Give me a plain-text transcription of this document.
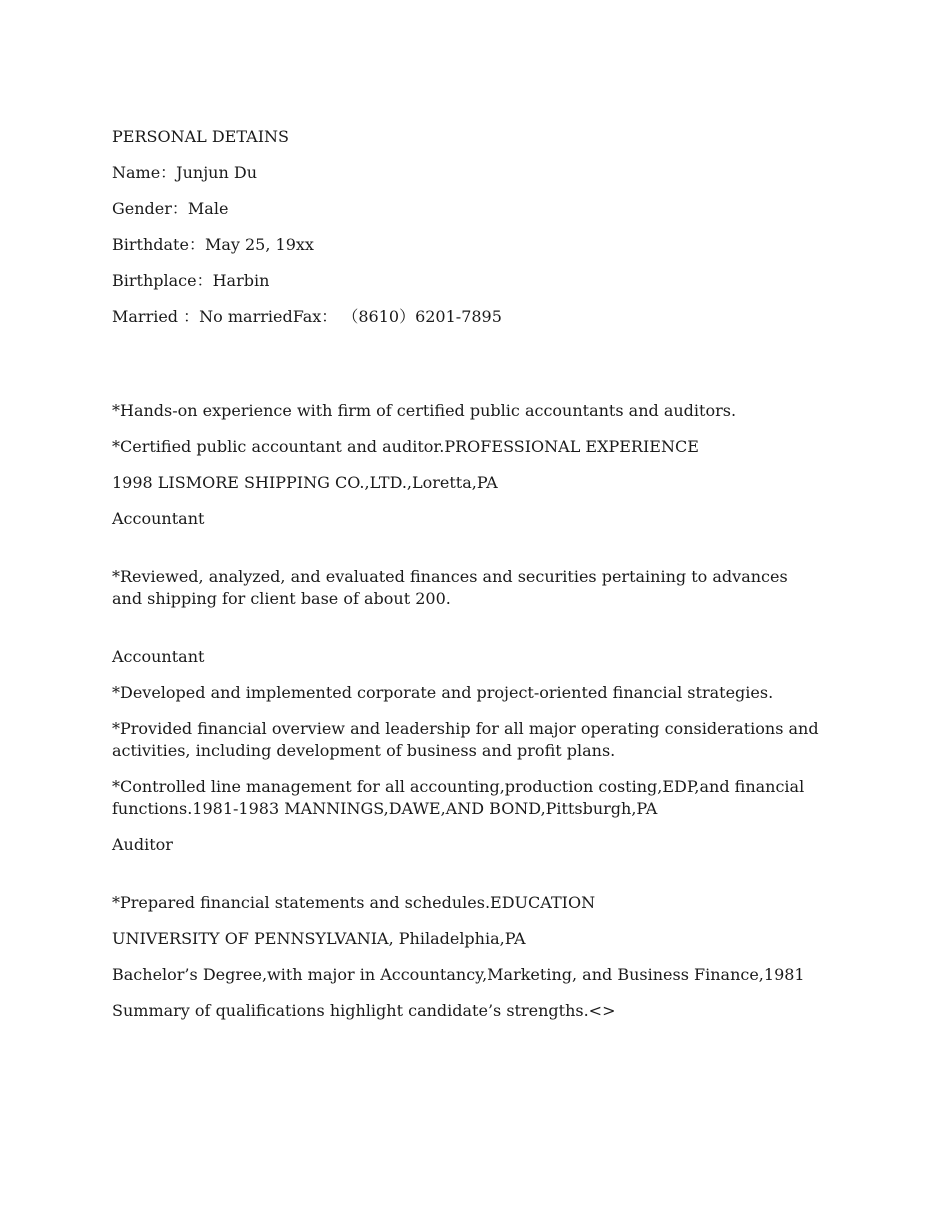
PERSONAL DETAINS
Name：Junjun Du
Gender：Male
Birthdate：May 25, 19xx
Birthplace：Harbin
Married ：No marriedFax： （8610）6201-7895
*Hands-on experience with firm of certified public accountants and auditors.
*Certified public accountant and auditor.PROFESSIONAL EXPERIENCE
1998 LISMORE SHIPPING CO.,LTD.,Loretta,PA
Accountant
*Reviewed, analyzed, and evaluated finances and securities pertaining to advances and shipping for client base of about 200.
Accountant
*Developed and implemented corporate and project-oriented financial strategies.
*Provided financial overview and leadership for all major operating considerations and activities, including development of business and profit plans.
*Controlled line management for all accounting,production costing,EDP,and financial functions.1981-1983 MANNINGS,DAWE,AND BOND,Pittsburgh,PA
Auditor
*Prepared financial statements and schedules.EDUCATION
UNIVERSITY OF PENNSYLVANIA, Philadelphia,PA
Bachelor’s Degree,with major in Accountancy,Marketing, and Business Finance,1981
Summary of qualifications highlight candidate’s strengths.<>
